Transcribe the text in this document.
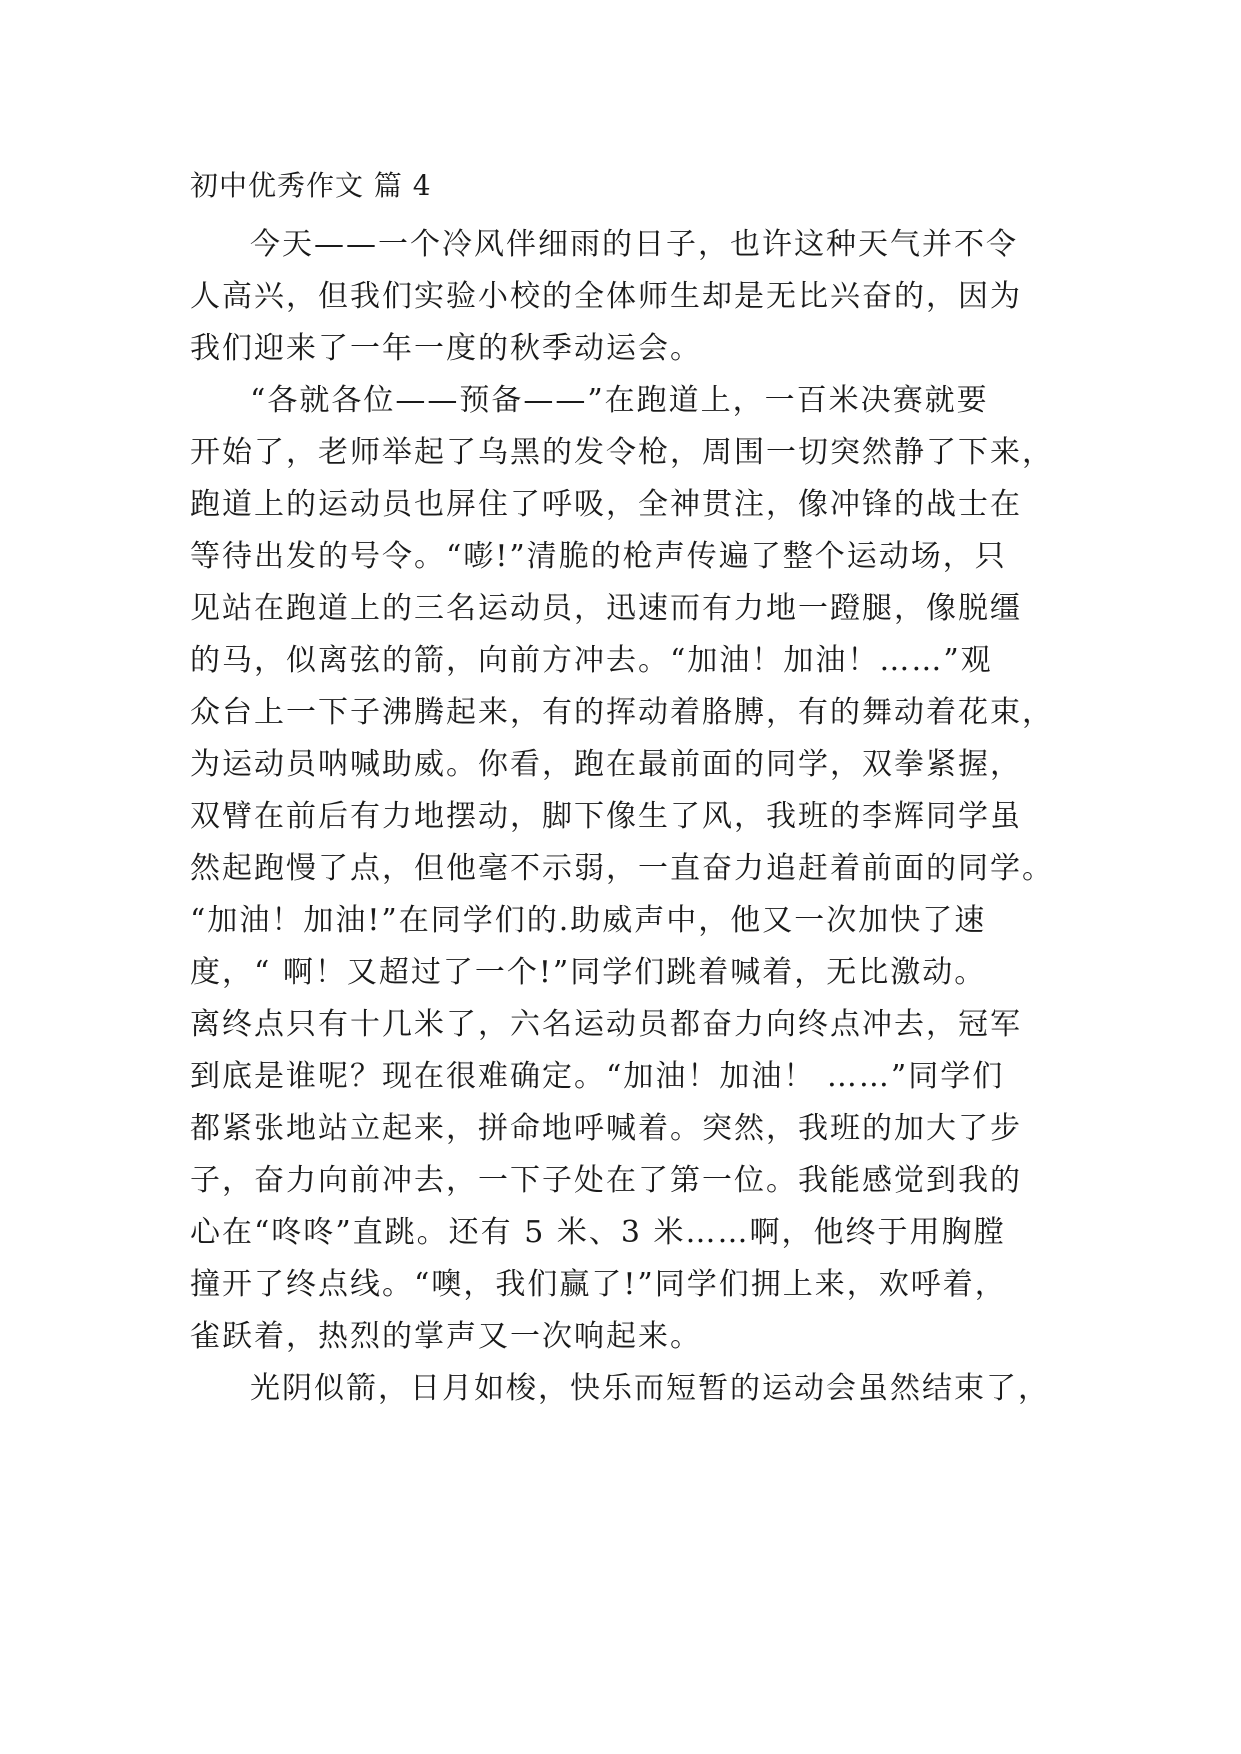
初中优秀作文 篇 4
今天——一个冷风伴细雨的日子，也许这种天气并不令
人高兴，但我们实验小校的全体师生却是无比兴奋的，因为
我们迎来了一年一度的秋季动运会。
“各就各位——预备——”在跑道上，一百米决赛就要
开始了，老师举起了乌黑的发令枪，周围一切突然静了下来，
跑道上的运动员也屏住了呼吸，全神贯注，像冲锋的战士在
等待出发的号令。“嘭!”清脆的枪声传遍了整个运动场，只
见站在跑道上的三名运动员，迅速而有力地一蹬腿，像脱缰
的马，似离弦的箭，向前方冲去。“加油！加油！……”观
众台上一下子沸腾起来，有的挥动着胳膊，有的舞动着花束，
为运动员呐喊助威。你看，跑在最前面的同学，双拳紧握，
双臂在前后有力地摆动，脚下像生了风，我班的李辉同学虽
然起跑慢了点，但他毫不示弱，一直奋力追赶着前面的同学。
“加油！加油!”在同学们的.助威声中，他又一次加快了速
度，“ 啊！又超过了一个!”同学们跳着喊着，无比激动。
离终点只有十几米了，六名运动员都奋力向终点冲去，冠军
到底是谁呢？现在很难确定。“加油！加油！ ……”同学们
都紧张地站立起来，拼命地呼喊着。突然，我班的加大了步
子，奋力向前冲去，一下子处在了第一位。我能感觉到我的
心在“咚咚”直跳。还有 5 米、3 米……啊，他终于用胸膛
撞开了终点线。“噢，我们赢了!”同学们拥上来，欢呼着，
雀跃着，热烈的掌声又一次响起来。
光阴似箭，日月如梭，快乐而短暂的运动会虽然结束了，
